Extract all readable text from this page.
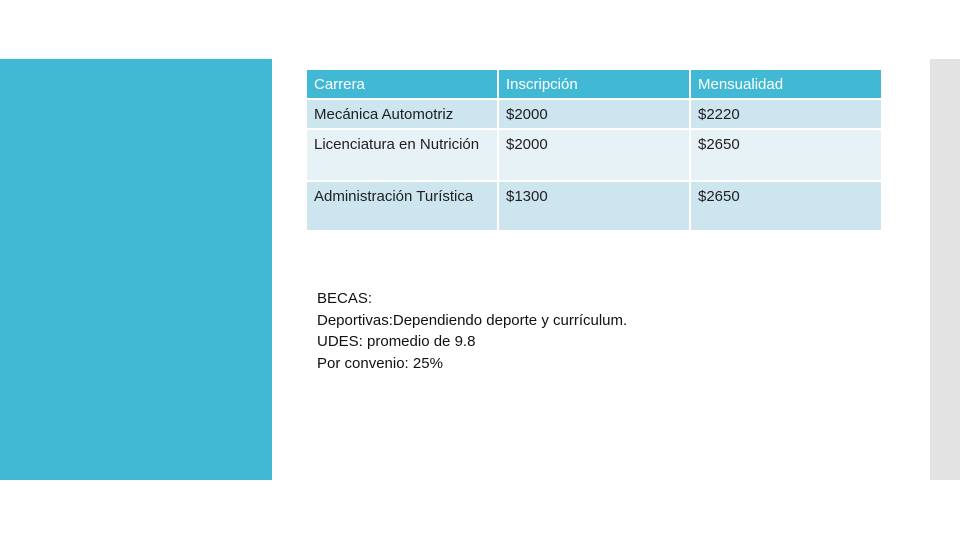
Carrera	Inscripción	Mensualidad
Mecánica Automotriz	$2000	$2220
Licenciatura en Nutrición	$2000	$2650
Administración Turística	$1300	$2650
BECAS:
Deportivas:Dependiendo deporte y currículum.
UDES: promedio de 9.8
Por convenio: 25%
